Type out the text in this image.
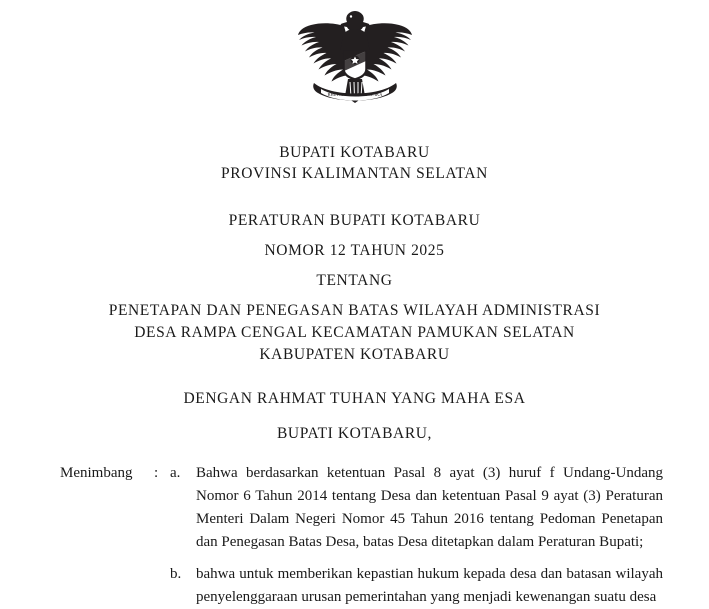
BHINNEKA TUNGGAL IKA
BUPATI KOTABARU
PROVINSI KALIMANTAN SELATAN
PERATURAN BUPATI KOTABARU
NOMOR 12 TAHUN 2025
TENTANG
PENETAPAN DAN PENEGASAN BATAS WILAYAH ADMINISTRASI
DESA RAMPA CENGAL KECAMATAN PAMUKAN SELATAN
KABUPATEN KOTABARU
DENGAN RAHMAT TUHAN YANG MAHA ESA
BUPATI KOTABARU,
Menimbang	: a.	Bahwa berdasarkan ketentuan Pasal 8 ayat (3) huruf f Undang-Undang Nomor 6 Tahun 2014 tentang Desa dan ketentuan Pasal 9 ayat (3) Peraturan Menteri Dalam Negeri Nomor 45 Tahun 2016 tentang Pedoman Penetapan dan Penegasan Batas Desa, batas Desa ditetapkan dalam Peraturan Bupati;
b. bahwa untuk memberikan kepastian hukum kepada desa dan batasan wilayah penyelenggaraan urusan pemerintahan yang menjadi kewenangan suatu desa
